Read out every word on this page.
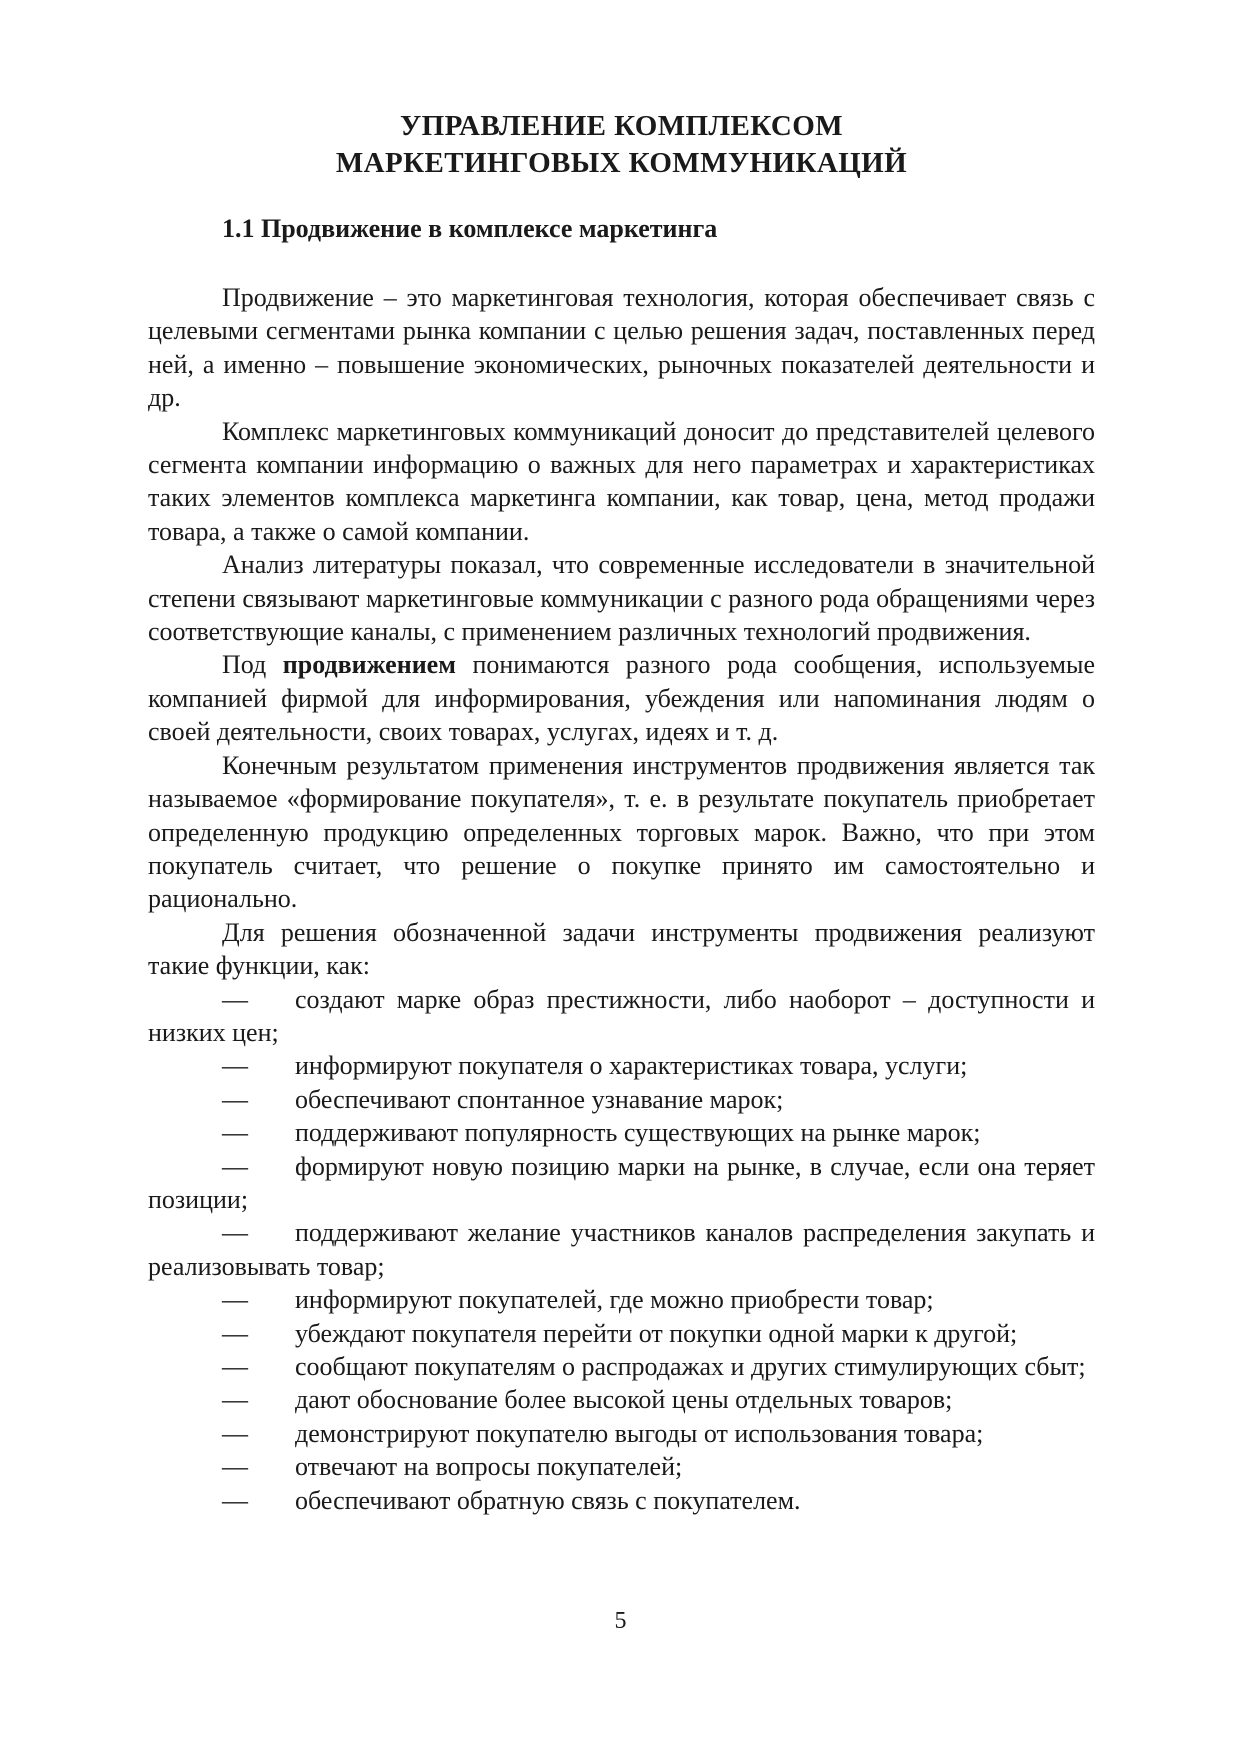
УПРАВЛЕНИЕ КОМПЛЕКСОМ
МАРКЕТИНГОВЫХ КОММУНИКАЦИЙ
1.1 Продвижение в комплексе маркетинга

Продвижение – это маркетинговая технология, которая обеспечивает связь с целевыми сегментами рынка компании с целью решения задач, поставленных перед ней, а именно – повышение экономических, рыночных показателей деятельности и др.

Комплекс маркетинговых коммуникаций доносит до представителей целевого сегмента компании информацию о важных для него параметрах и характеристиках таких элементов комплекса маркетинга компании, как товар, цена, метод продажи товара, а также о самой компании.

Анализ литературы показал, что современные исследователи в значительной степени связывают маркетинговые коммуникации с разного рода обращениями через соответствующие каналы, с применением различных технологий продвижения.

Под продвижением понимаются разного рода сообщения, используемые компанией фирмой для информирования, убеждения или напоминания людям о своей деятельности, своих товарах, услугах, идеях и т. д.

Конечным результатом применения инструментов продвижения является так называемое «формирование покупателя», т. е. в результате покупатель приобретает определенную продукцию определенных торговых марок. Важно, что при этом покупатель считает, что решение о покупке принято им самостоятельно и рационально.

Для решения обозначенной задачи инструменты продвижения реализуют такие функции, как:

— создают марке образ престижности, либо наоборот – доступности и низких цен;
— информируют покупателя о характеристиках товара, услуги;
— обеспечивают спонтанное узнавание марок;
— поддерживают популярность существующих на рынке марок;
— формируют новую позицию марки на рынке, в случае, если она теряет позиции;
— поддерживают желание участников каналов распределения закупать и реализовывать товар;
— информируют покупателей, где можно приобрести товар;
— убеждают покупателя перейти от покупки одной марки к другой;
— сообщают покупателям о распродажах и других стимулирующих сбыт;
— дают обоснование более высокой цены отдельных товаров;
— демонстрируют покупателю выгоды от использования товара;
— отвечают на вопросы покупателей;
— обеспечивают обратную связь с покупателем.
5
